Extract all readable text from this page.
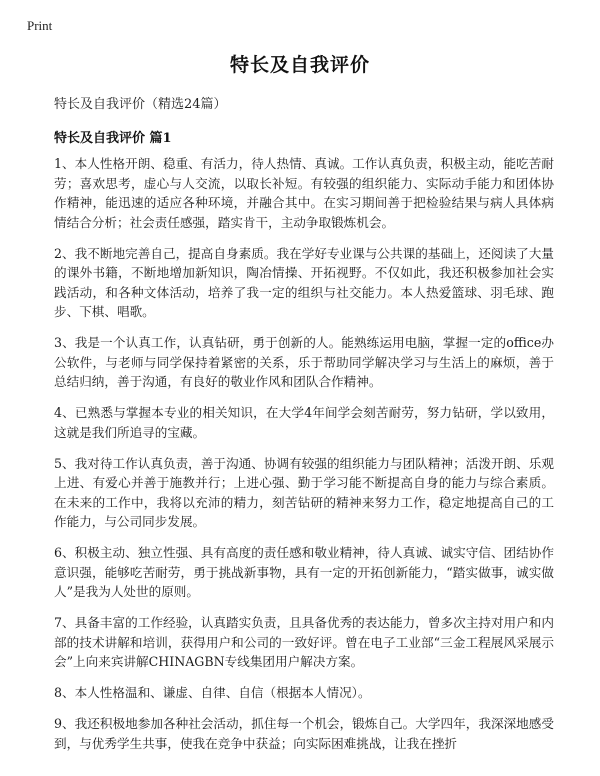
Print
特长及自我评价
特长及自我评价（精选24篇）
特长及自我评价 篇1

1、本人性格开朗、稳重、有活力，待人热情、真诚。工作认真负责，积极主动，能吃苦耐劳；喜欢思考，虚心与人交流，以取长补短。有较强的组织能力、实际动手能力和团体协作精神，能迅速的适应各种环境，并融合其中。在实习期间善于把检验结果与病人具体病情结合分析；社会责任感强，踏实肯干，主动争取锻炼机会。

2、我不断地完善自己，提高自身素质。我在学好专业课与公共课的基础上，还阅读了大量的课外书籍，不断地增加新知识，陶冶情操、开拓视野。不仅如此，我还积极参加社会实践活动，和各种文体活动，培养了我一定的组织与社交能力。本人热爱篮球、羽毛球、跑步、下棋、唱歌。

3、我是一个认真工作，认真钻研，勇于创新的人。能熟练运用电脑，掌握一定的office办公软件，与老师与同学保持着紧密的关系，乐于帮助同学解决学习与生活上的麻烦，善于总结归纳，善于沟通，有良好的敬业作风和团队合作精神。

4、已熟悉与掌握本专业的相关知识，在大学4年间学会刻苦耐劳，努力钻研，学以致用，这就是我们所追寻的宝藏。

5、我对待工作认真负责，善于沟通、协调有较强的组织能力与团队精神；活泼开朗、乐观上进、有爱心并善于施教并行；上进心强、勤于学习能不断提高自身的能力与综合素质。在未来的工作中，我将以充沛的精力，刻苦钻研的精神来努力工作，稳定地提高自己的工作能力，与公司同步发展。

6、积极主动、独立性强、具有高度的责任感和敬业精神，待人真诚、诚实守信、团结协作意识强，能够吃苦耐劳，勇于挑战新事物，具有一定的开拓创新能力，“踏实做事，诚实做人”是我为人处世的原则。

7、具备丰富的工作经验，认真踏实负责，且具备优秀的表达能力，曾多次主持对用户和内部的技术讲解和培训，获得用户和公司的一致好评。曾在电子工业部“三金工程展风采展示会”上向来宾讲解CHINAGBN专线集团用户解决方案。

8、本人性格温和、谦虚、自律、自信（根据本人情况）。

9、我还积极地参加各种社会活动，抓住每一个机会，锻炼自己。大学四年，我深深地感受到，与优秀学生共事，使我在竞争中获益；向实际困难挑战，让我在挫折
